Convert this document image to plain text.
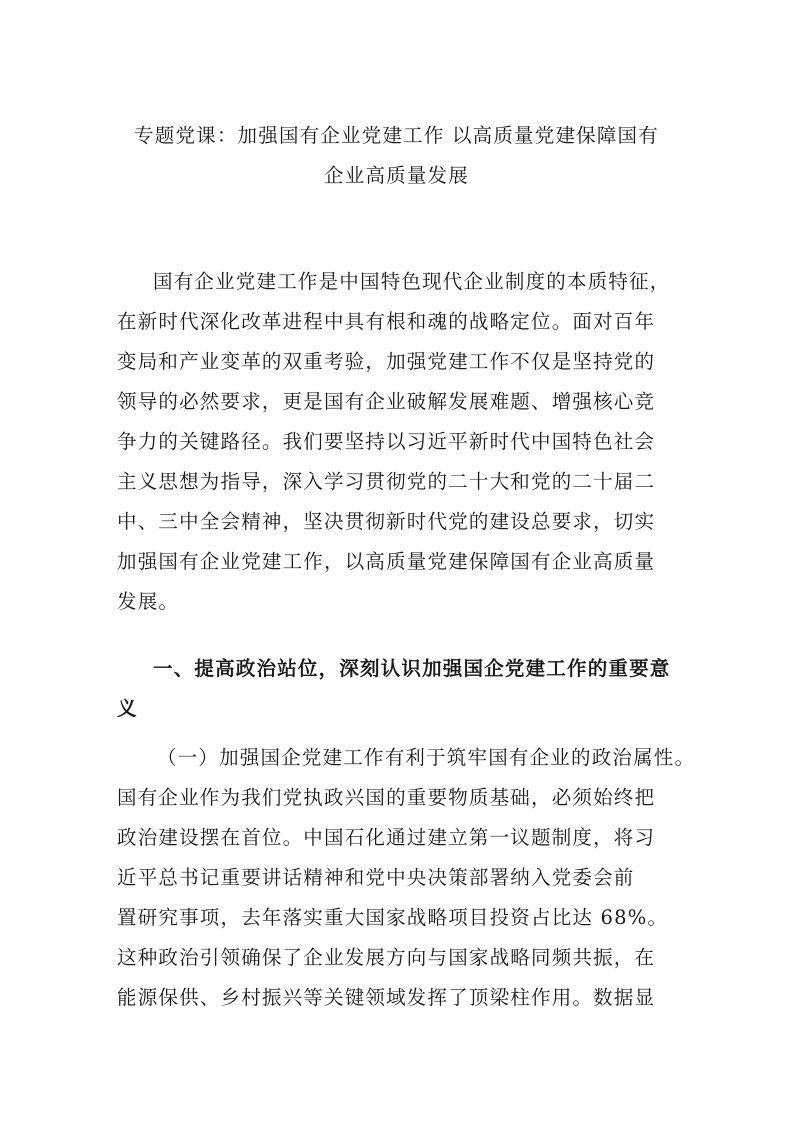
专题党课：加强国有企业党建工作 以高质量党建保障国有
企业高质量发展
国有企业党建工作是中国特色现代企业制度的本质特征，
在新时代深化改革进程中具有根和魂的战略定位。面对百年
变局和产业变革的双重考验，加强党建工作不仅是坚持党的
领导的必然要求，更是国有企业破解发展难题、增强核心竞
争力的关键路径。我们要坚持以习近平新时代中国特色社会
主义思想为指导，深入学习贯彻党的二十大和党的二十届二
中、三中全会精神，坚决贯彻新时代党的建设总要求，切实
加强国有企业党建工作，以高质量党建保障国有企业高质量
发展。
一、提高政治站位，深刻认识加强国企党建工作的重要意
义
（一）加强国企党建工作有利于筑牢国有企业的政治属性。
国有企业作为我们党执政兴国的重要物质基础，必须始终把
政治建设摆在首位。中国石化通过建立第一议题制度，将习
近平总书记重要讲话精神和党中央决策部署纳入党委会前
置研究事项，去年落实重大国家战略项目投资占比达 68%。
这种政治引领确保了企业发展方向与国家战略同频共振，在
能源保供、乡村振兴等关键领域发挥了顶梁柱作用。数据显
